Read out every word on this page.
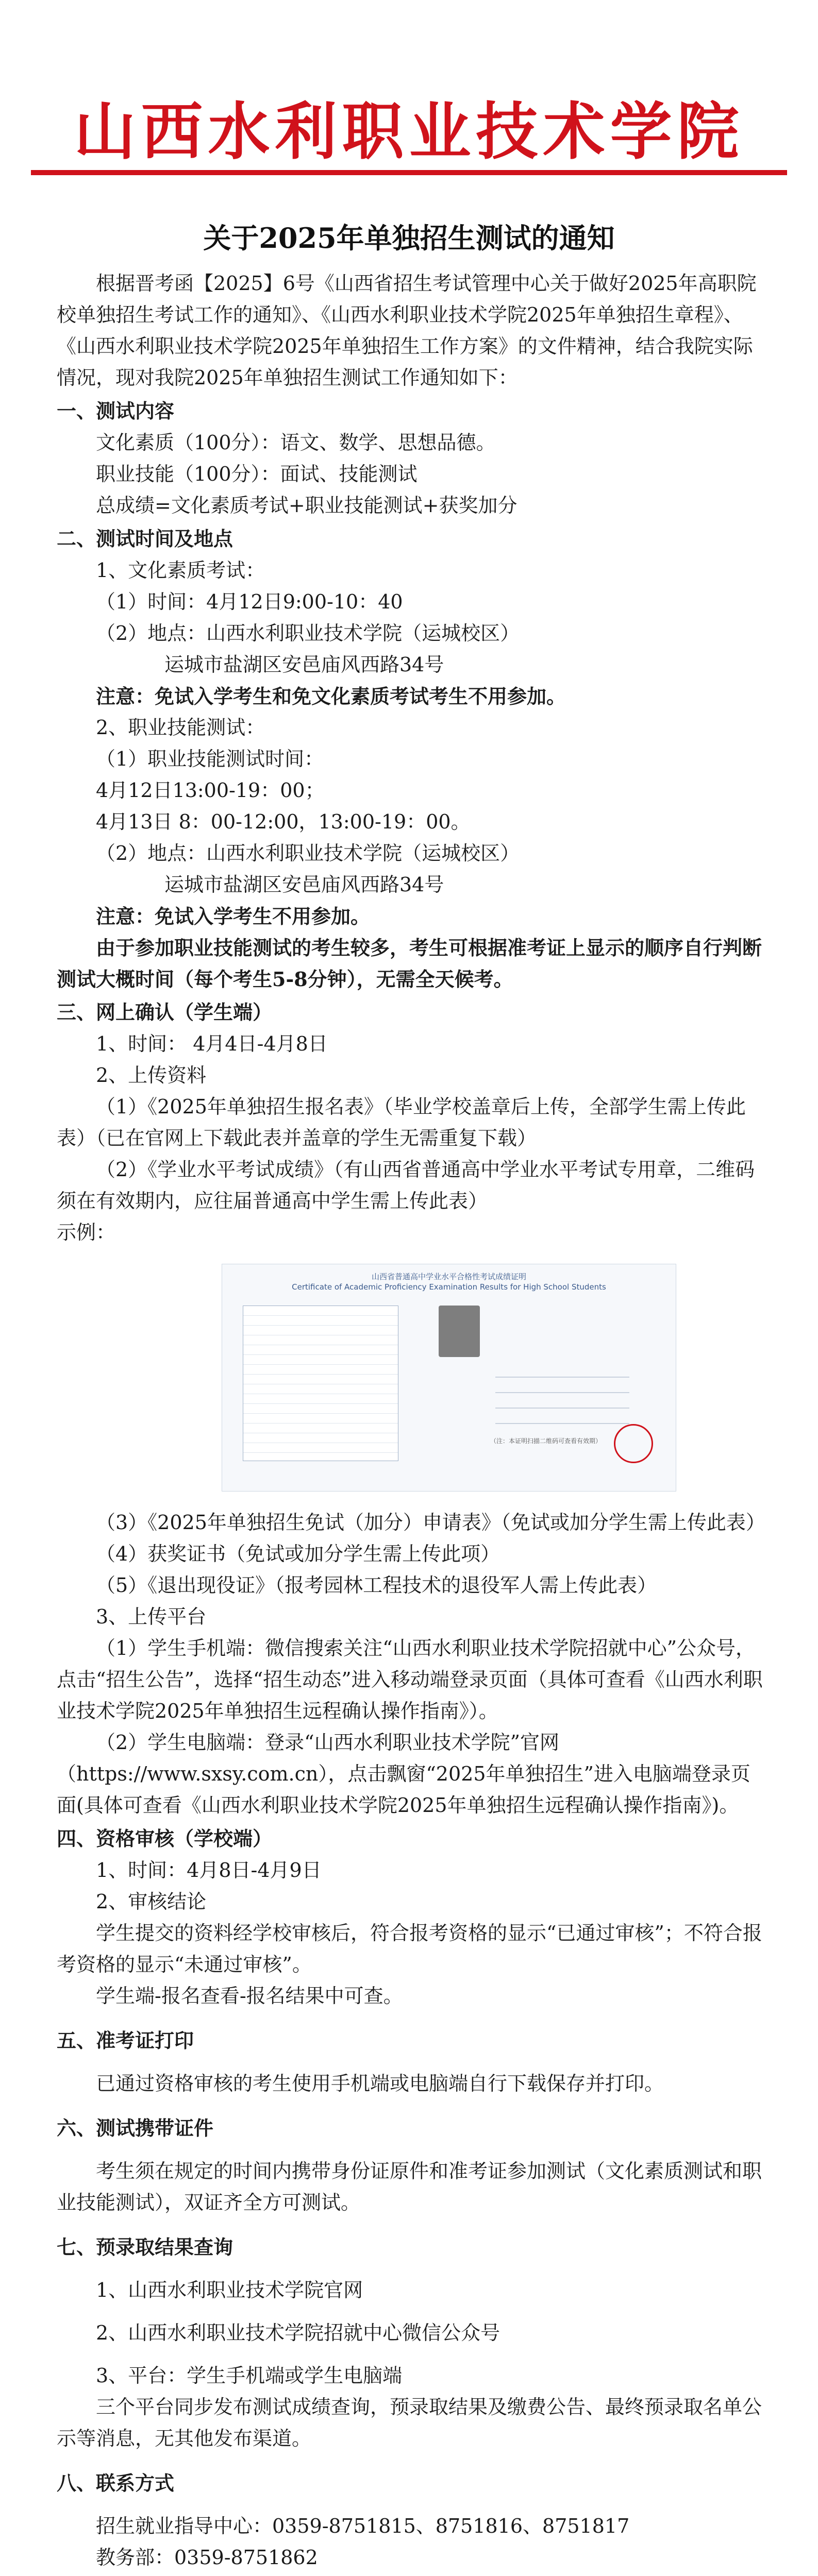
山西水利职业技术学院
关于2025年单独招生测试的通知

根据晋考函【2025】6号《山西省招生考试管理中心关于做好2025年高职院校单独招生考试工作的通知》、《山西水利职业技术学院2025年单独招生章程》、《山西水利职业技术学院2025年单独招生工作方案》的文件精神，结合我院实际情况，现对我院2025年单独招生测试工作通知如下：

一、测试内容

文化素质（100分）：语文、数学、思想品德。

职业技能（100分）：面试、技能测试

总成绩=文化素质考试+职业技能测试+获奖加分

二、测试时间及地点

1、文化素质考试：

（1）时间：4月12日9:00-10：40

（2）地点：山西水利职业技术学院（运城校区）

运城市盐湖区安邑庙风西路34号

注意：免试入学考生和免文化素质考试考生不用参加。

2、职业技能测试：

（1）职业技能测试时间：

4月12日13:00-19：00；

4月13日 8：00-12:00，13:00-19：00。

（2）地点：山西水利职业技术学院（运城校区）

运城市盐湖区安邑庙风西路34号

注意：免试入学考生不用参加。

由于参加职业技能测试的考生较多，考生可根据准考证上显示的顺序自行判断测试大概时间（每个考生5-8分钟），无需全天候考。

三、网上确认（学生端）

1、时间： 4月4日-4月8日

2、上传资料

（1）《2025年单独招生报名表》（毕业学校盖章后上传，全部学生需上传此表）（已在官网上下载此表并盖章的学生无需重复下载）

（2）《学业水平考试成绩》（有山西省普通高中学业水平考试专用章，二维码须在有效期内，应往届普通高中学生需上传此表）

示例：

山西省普通高中学业水平合格性考试成绩证明
Certificate of Academic Proficiency Examination Results for High School Students
（注：本证明扫描二维码可查看有效期）

（3）《2025年单独招生免试（加分）申请表》（免试或加分学生需上传此表）

（4）获奖证书（免试或加分学生需上传此项）

（5）《退出现役证》（报考园林工程技术的退役军人需上传此表）

3、上传平台

（1）学生手机端：微信搜索关注“山西水利职业技术学院招就中心”公众号，点击“招生公告”，选择“招生动态”进入移动端登录页面（具体可查看《山西水利职业技术学院2025年单独招生远程确认操作指南》）。

（2）学生电脑端：登录“山西水利职业技术学院”官网（https://www.sxsy.com.cn），点击飘窗“2025年单独招生”进入电脑端登录页面(具体可查看《山西水利职业技术学院2025年单独招生远程确认操作指南》)。

四、资格审核（学校端）

1、时间：4月8日-4月9日

2、审核结论

学生提交的资料经学校审核后，符合报考资格的显示“已通过审核”；不符合报考资格的显示“未通过审核”。

学生端-报名查看-报名结果中可查。

五、准考证打印

已通过资格审核的考生使用手机端或电脑端自行下载保存并打印。

六、测试携带证件

考生须在规定的时间内携带身份证原件和准考证参加测试（文化素质测试和职业技能测试），双证齐全方可测试。

七、预录取结果查询

1、山西水利职业技术学院官网

2、山西水利职业技术学院招就中心微信公众号

3、平台：学生手机端或学生电脑端

三个平台同步发布测试成绩查询，预录取结果及缴费公告、最终预录取名单公示等消息，无其他发布渠道。

八、联系方式

招生就业指导中心：0359-8751815、8751816、8751817

教务部：0359-8751862
